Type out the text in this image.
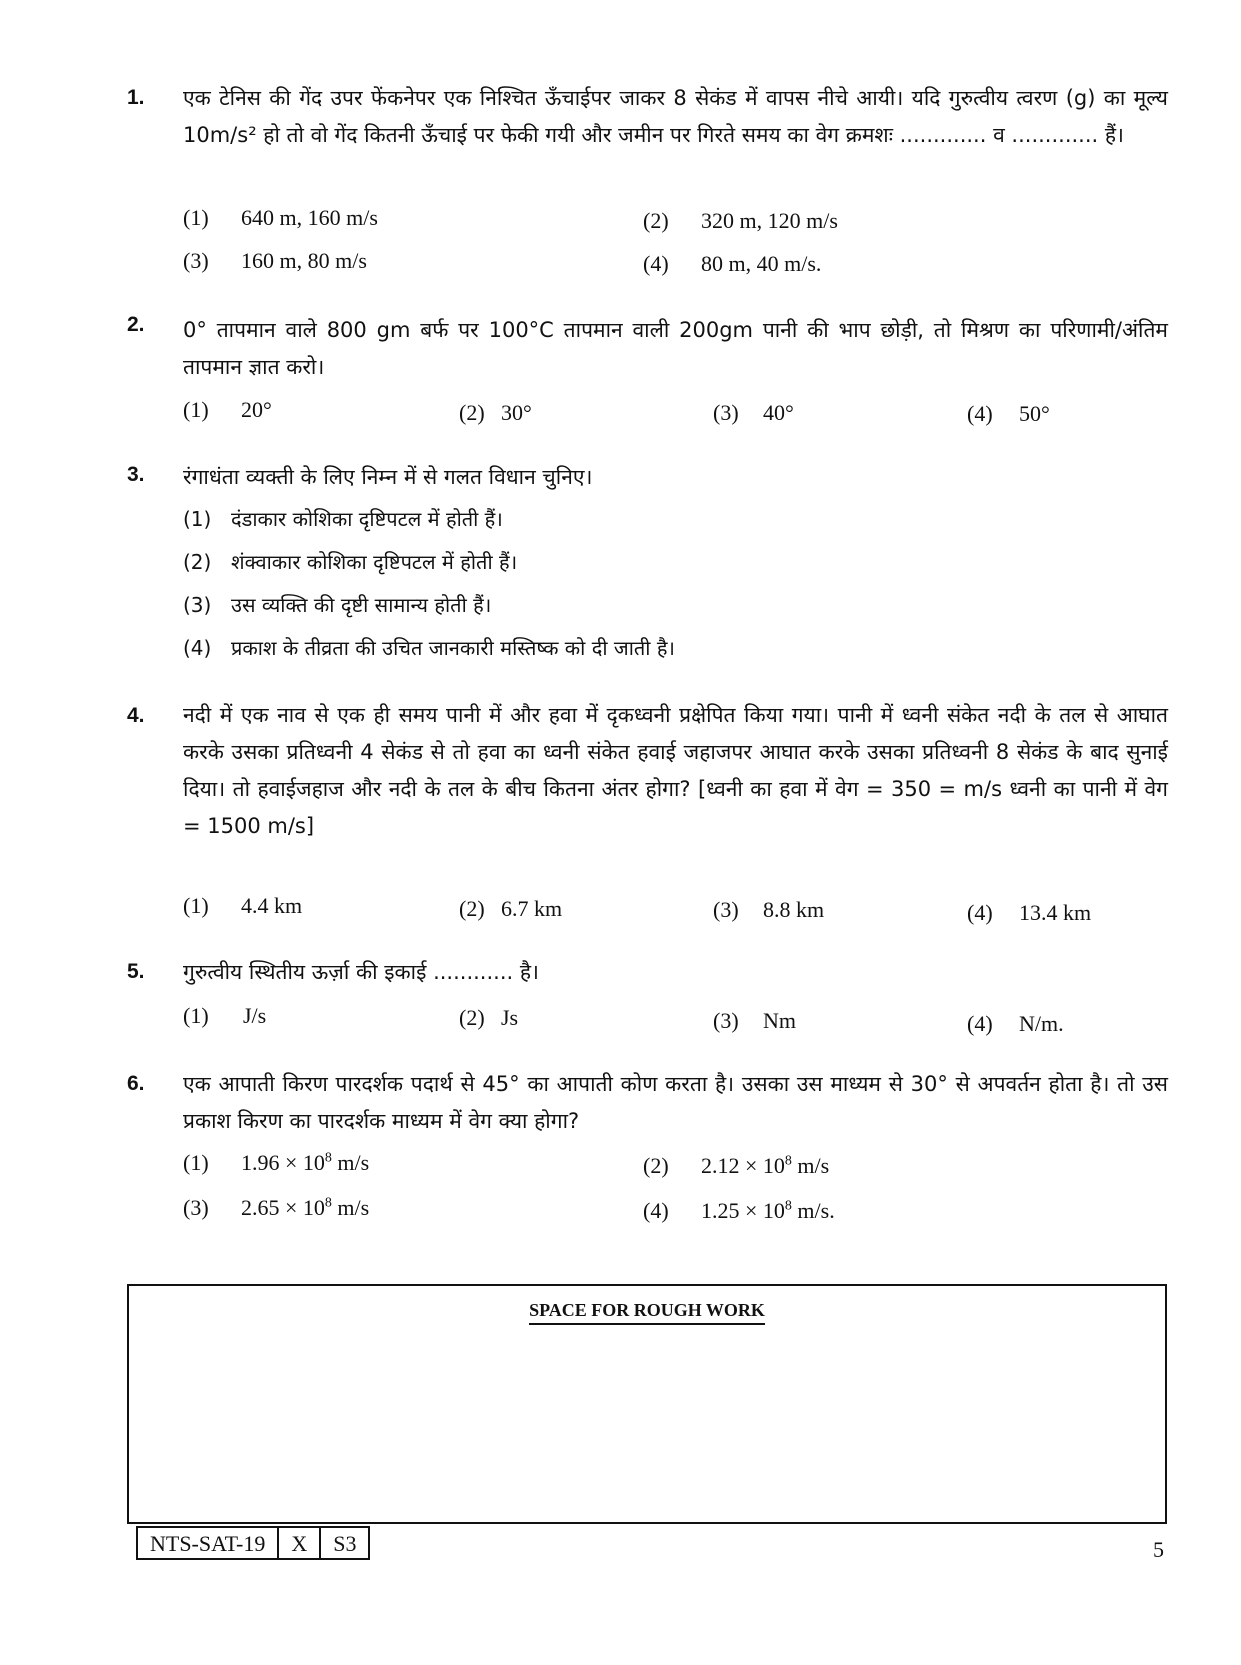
1. एक टेनिस की गेंद उपर फेंकनेपर एक निश्चित ऊँचाईपर जाकर 8 सेकंड में वापस नीचे आयी। यदि गुरुत्वीय त्वरण (g) का मूल्य 10m/s² हो तो वो गेंद कितनी ऊँचाई पर फेकी गयी और जमीन पर गिरते समय का वेग क्रमशः ............. व ............. हैं।
(1) 640 m, 160 m/s	(2) 320 m, 120 m/s
(3) 160 m, 80 m/s	(4) 80 m, 40 m/s.
2. 0° तापमान वाले 800 gm बर्फ पर 100°C तापमान वाली 200gm पानी की भाप छोड़ी, तो मिश्रण का परिणामी/अंतिम तापमान ज्ञात करो।
(1) 20°	(2) 30°	(3) 40°	(4) 50°
3. रंगाधंता व्यक्ती के लिए निम्न में से गलत विधान चुनिए।
(1) दंडाकार कोशिका दृष्टिपटल में होती हैं।
(2) शंक्वाकार कोशिका दृष्टिपटल में होती हैं।
(3) उस व्यक्ति की दृष्टी सामान्य होती हैं।
(4) प्रकाश के तीव्रता की उचित जानकारी मस्तिष्क को दी जाती है।
4. नदी में एक नाव से एक ही समय पानी में और हवा में दृकध्वनी प्रक्षेपित किया गया। पानी में ध्वनी संकेत नदी के तल से आघात करके उसका प्रतिध्वनी 4 सेकंड से तो हवा का ध्वनी संकेत हवाई जहाजपर आघात करके उसका प्रतिध्वनी 8 सेकंड के बाद सुनाई दिया। तो हवाईजहाज और नदी के तल के बीच कितना अंतर होगा? [ध्वनी का हवा में वेग = 350 = m/s ध्वनी का पानी में वेग = 1500 m/s]
(1) 4.4 km	(2) 6.7 km	(3) 8.8 km	(4) 13.4 km
5. गुरुत्वीय स्थितीय ऊर्ज़ा की इकाई ............ है।
(1) J/s	(2) Js	(3) Nm	(4) N/m.
6. एक आपाती किरण पारदर्शक पदार्थ से 45° का आपाती कोण करता है। उसका उस माध्यम से 30° से अपवर्तन होता है। तो उस प्रकाश किरण का पारदर्शक माध्यम में वेग क्या होगा?
(1) $1.96 \times 10^8$ m/s	(2) $2.12 \times 10^8$ m/s
(3) $2.65 \times 10^8$ m/s	(4) $1.25 \times 10^8$ m/s.
SPACE FOR ROUGH WORK
NTS-SAT-19	X	S3	5
